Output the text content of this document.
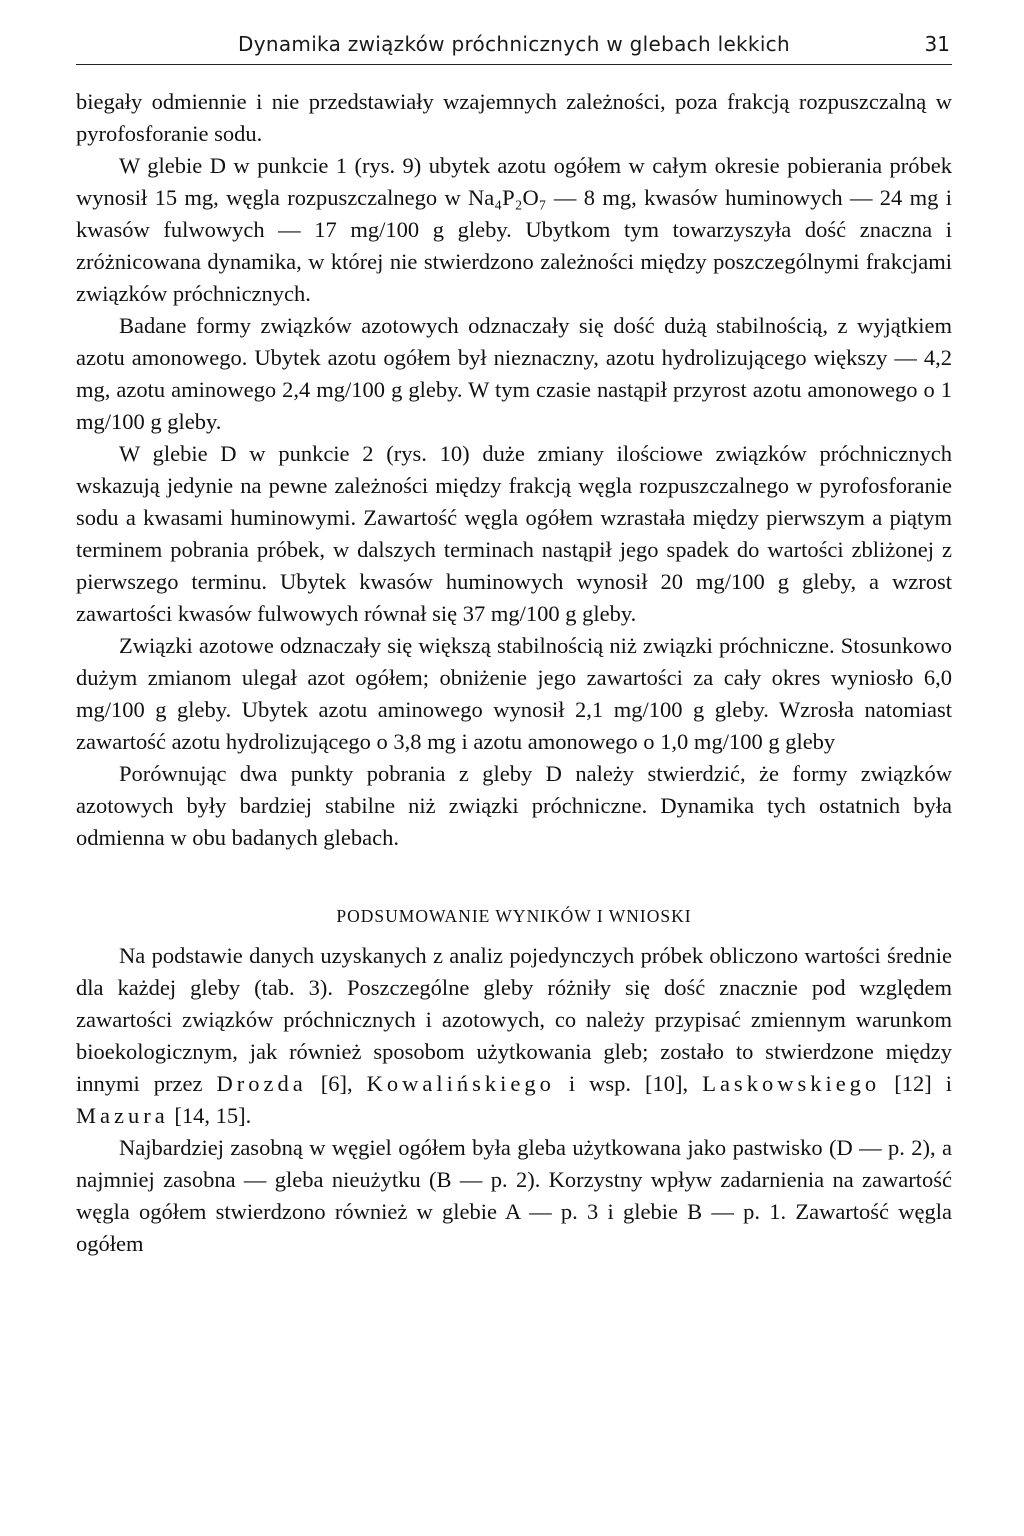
Dynamika związków próchnicznych w glebach lekkich	31

biegały odmiennie i nie przedstawiały wzajemnych zależności, poza frakcją rozpuszczalną w pyrofosforanie sodu.

W glebie D w punkcie 1 (rys. 9) ubytek azotu ogółem w całym okresie pobierania próbek wynosił 15 mg, węgla rozpuszczalnego w Na₄P₂O₇ — 8 mg, kwasów huminowych — 24 mg i kwasów fulwowych — 17 mg/100 g gleby. Ubytkom tym towarzyszyła dość znaczna i zróżnicowana dynamika, w której nie stwierdzono zależności między poszczególnymi frakcjami związków próchnicznych.

Badane formy związków azotowych odznaczały się dość dużą stabilnością, z wyjątkiem azotu amonowego. Ubytek azotu ogółem był nieznaczny, azotu hydrolizującego większy — 4,2 mg, azotu aminowego 2,4 mg/100 g gleby. W tym czasie nastąpił przyrost azotu amonowego o 1 mg/100 g gleby.

W glebie D w punkcie 2 (rys. 10) duże zmiany ilościowe związków próchnicznych wskazują jedynie na pewne zależności między frakcją węgla rozpuszczalnego w pyrofosforanie sodu a kwasami huminowymi. Zawartość węgla ogółem wzrastała między pierwszym a piątym terminem pobrania próbek, w dalszych terminach nastąpił jego spadek do wartości zbliżonej z pierwszego terminu. Ubytek kwasów huminowych wynosił 20 mg/100 g gleby, a wzrost zawartości kwasów fulwowych równał się 37 mg/100 g gleby.

Związki azotowe odznaczały się większą stabilnością niż związki próchniczne. Stosunkowo dużym zmianom ulegał azot ogółem; obniżenie jego zawartości za cały okres wyniosło 6,0 mg/100 g gleby. Ubytek azotu aminowego wynosił 2,1 mg/100 g gleby. Wzrosła natomiast zawartość azotu hydrolizującego o 3,8 mg i azotu amonowego o 1,0 mg/100 g gleby

Porównując dwa punkty pobrania z gleby D należy stwierdzić, że formy związków azotowych były bardziej stabilne niż związki próchniczne. Dynamika tych ostatnich była odmienna w obu badanych glebach.

PODSUMOWANIE WYNIKÓW I WNIOSKI

Na podstawie danych uzyskanych z analiz pojedynczych próbek obliczono wartości średnie dla każdej gleby (tab. 3). Poszczególne gleby różniły się dość znacznie pod względem zawartości związków próchnicznych i azotowych, co należy przypisać zmiennym warunkom bioekologicznym, jak również sposobom użytkowania gleb; zostało to stwierdzone między innymi przez Drozda [6], Kowalińskiego i wsp. [10], Laskowskiego [12] i Mazura [14, 15].

Najbardziej zasobną w węgiel ogółem była gleba użytkowana jako pastwisko (D — p. 2), a najmniej zasobna — gleba nieużytku (B — p. 2). Korzystny wpływ zadarnienia na zawartość węgla ogółem stwierdzono również w glebie A — p. 3 i glebie B — p. 1. Zawartość węgla ogółem
